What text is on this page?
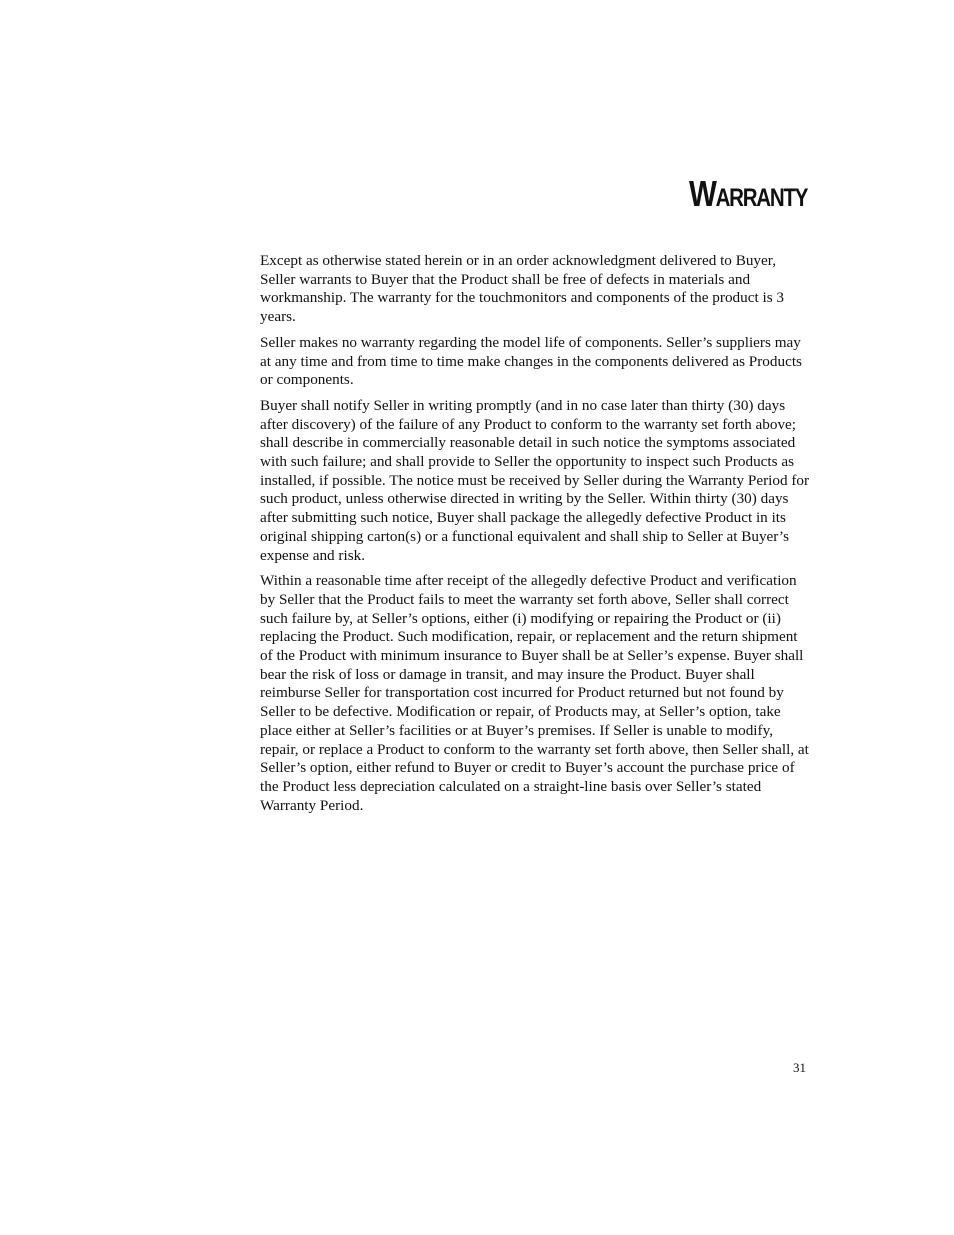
Warranty

Except as otherwise stated herein or in an order acknowledgment delivered to Buyer, Seller warrants to Buyer that the Product shall be free of defects in materials and workmanship. The warranty for the touchmonitors and components of the product is 3 years.

Seller makes no warranty regarding the model life of components. Seller’s suppliers may at any time and from time to time make changes in the components delivered as Products or components.

Buyer shall notify Seller in writing promptly (and in no case later than thirty (30) days after discovery) of the failure of any Product to conform to the warranty set forth above; shall describe in commercially reasonable detail in such notice the symptoms associated with such failure; and shall provide to Seller the opportunity to inspect such Products as installed, if possible. The notice must be received by Seller during the Warranty Period for such product, unless otherwise directed in writing by the Seller. Within thirty (30) days after submitting such notice, Buyer shall package the allegedly defective Product in its original shipping carton(s) or a functional equivalent and shall ship to Seller at Buyer’s expense and risk.

Within a reasonable time after receipt of the allegedly defective Product and verification by Seller that the Product fails to meet the warranty set forth above, Seller shall correct such failure by, at Seller’s options, either (i) modifying or repairing the Product or (ii) replacing the Product. Such modification, repair, or replacement and the return shipment of the Product with minimum insurance to Buyer shall be at Seller’s expense. Buyer shall bear the risk of loss or damage in transit, and may insure the Product. Buyer shall reimburse Seller for transportation cost incurred for Product returned but not found by Seller to be defective. Modification or repair, of Products may, at Seller’s option, take place either at Seller’s facilities or at Buyer’s premises. If Seller is unable to modify, repair, or replace a Product to conform to the warranty set forth above, then Seller shall, at Seller’s option, either refund to Buyer or credit to Buyer’s account the purchase price of the Product less depreciation calculated on a straight-line basis over Seller’s stated Warranty Period.

31
